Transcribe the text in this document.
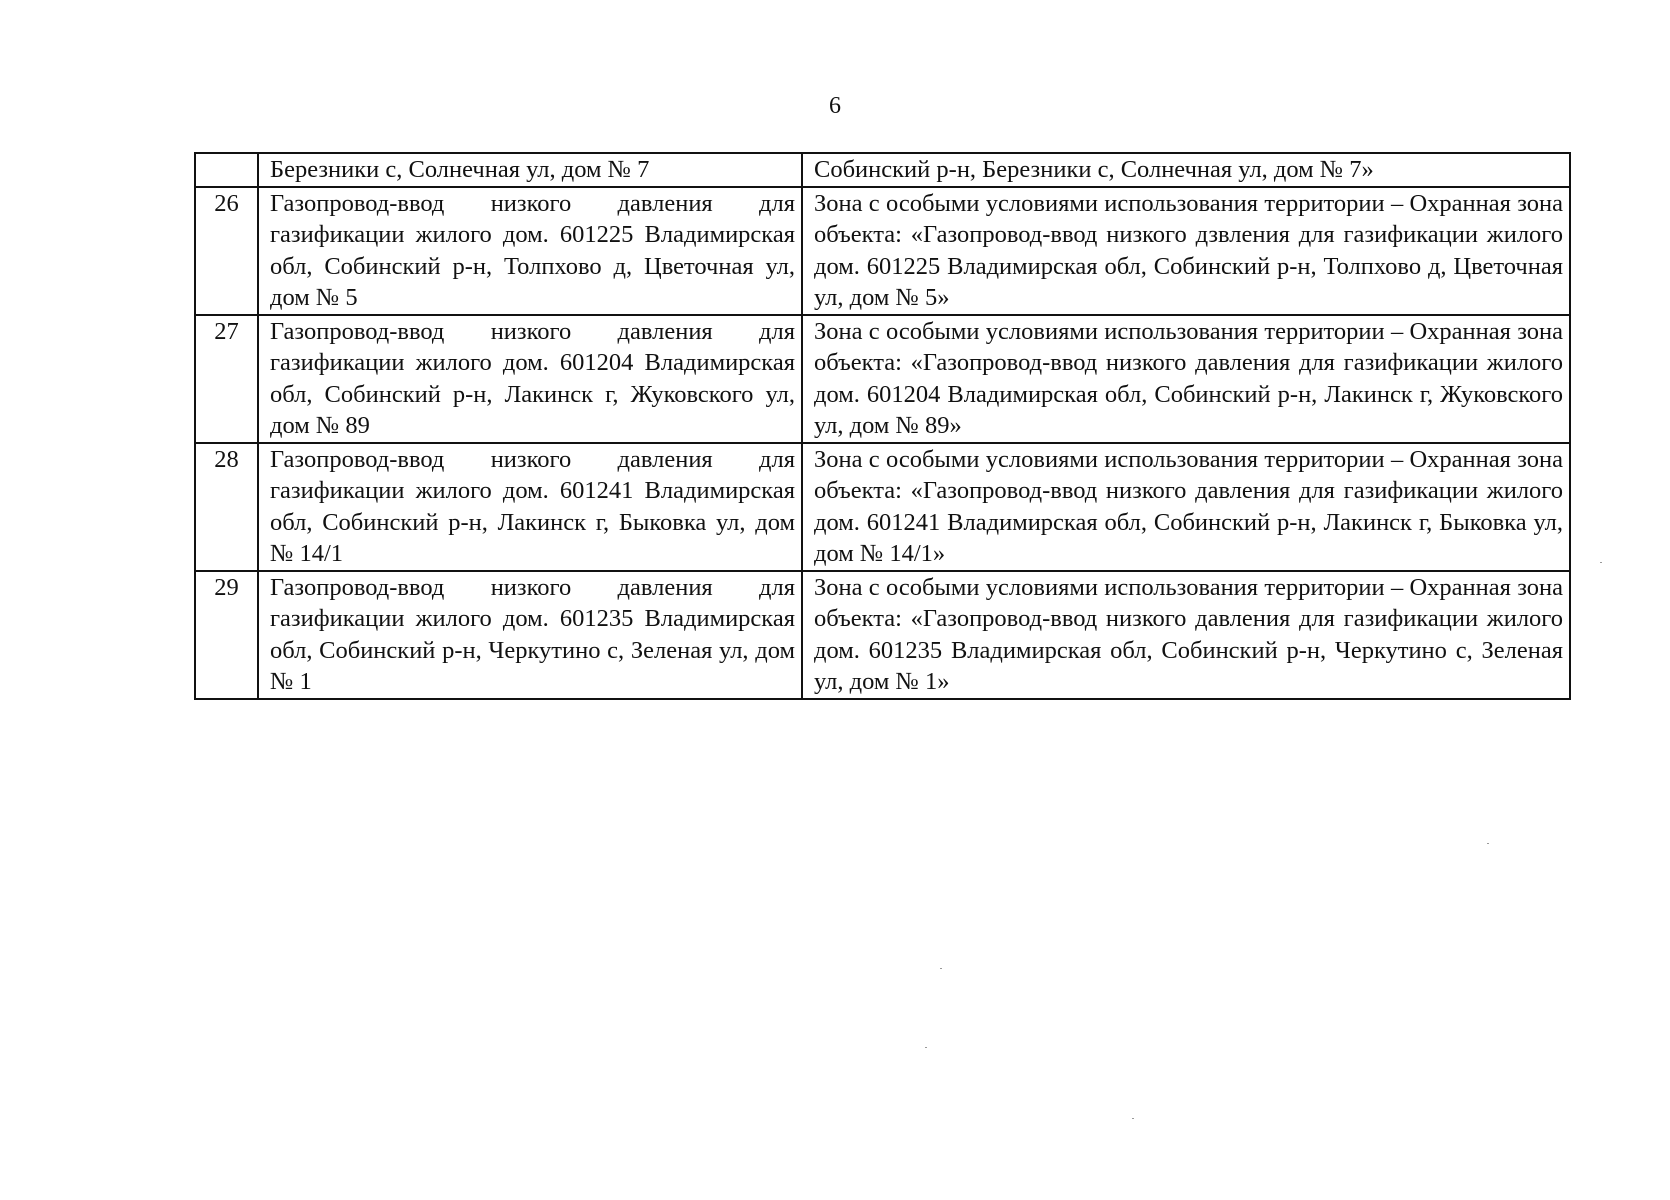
6
	Березники с, Солнечная ул, дом № 7	Собинский р-н, Березники с, Солнечная ул, дом № 7»
26	Газопровод-ввод низкого давления для газификации жилого дом. 601225 Владимирская обл, Собинский р-н, Толпхово д, Цветочная ул, дом № 5	Зона с особыми условиями использования территории – Охранная зона объекта: «Газопровод-ввод низкого дзвления для газификации жилого дом. 601225 Владимирская обл, Собинский р-н, Толпхово д, Цветочная ул, дом № 5»
27	Газопровод-ввод низкого давления для газификации жилого дом. 601204 Владимирская обл, Собинский р-н, Лакинск г, Жуковского ул, дом № 89	Зона с особыми условиями использования территории – Охранная зона объекта: «Газопровод-ввод низкого давления для газификации жилого дом. 601204 Владимирская обл, Собинский р-н, Лакинск г, Жуковского ул, дом № 89»
28	Газопровод-ввод низкого давления для газификации жилого дом. 601241 Владимирская обл, Собинский р-н, Лакинск г, Быковка ул, дом № 14/1	Зона с особыми условиями использования территории – Охранная зона объекта: «Газопровод-ввод низкого давления для газификации жилого дом. 601241 Владимирская обл, Собинский р-н, Лакинск г, Быковка ул, дом № 14/1»
29	Газопровод-ввод низкого давления для газификации жилого дом. 601235 Владимирская обл, Собинский р-н, Черкутино с, Зеленая ул, дом № 1	Зона с особыми условиями использования территории – Охранная зона объекта: «Газопровод-ввод низкого давления для газификации жилого дом. 601235 Владимирская обл, Собинский р-н, Черкутино с, Зеленая ул, дом № 1»
